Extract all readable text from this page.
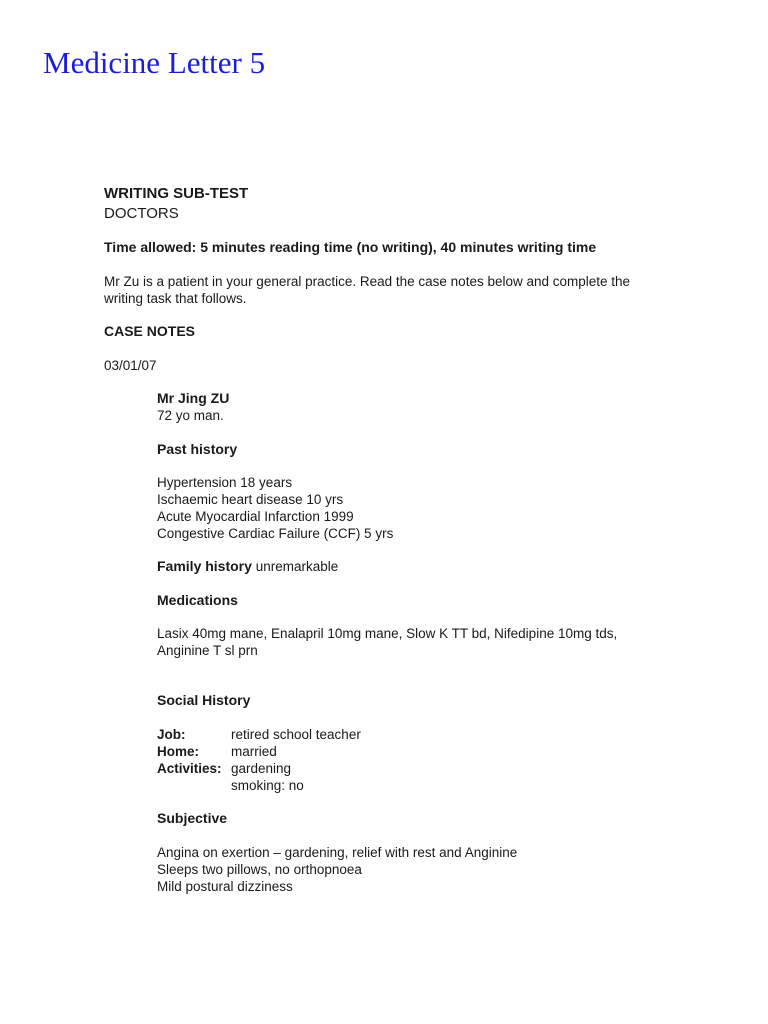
Medicine Letter 5
WRITING SUB-TEST
DOCTORS
Time allowed: 5 minutes reading time (no writing), 40 minutes writing time
Mr Zu is a patient in your general practice. Read the case notes below and complete the
writing task that follows.
CASE NOTES
03/01/07
Mr Jing ZU
72 yo man.
Past history
Hypertension 18 years
Ischaemic heart disease 10 yrs
Acute Myocardial Infarction 1999
Congestive Cardiac Failure (CCF) 5 yrs
Family history unremarkable
Medications
Lasix 40mg mane, Enalapril 10mg mane, Slow K TT bd, Nifedipine 10mg tds,
Anginine T sl prn
Social History
Job:	retired school teacher
Home:	married
Activities: gardening
smoking: no
Subjective
Angina on exertion – gardening, relief with rest and Anginine
Sleeps two pillows, no orthopnoea
Mild postural dizziness
